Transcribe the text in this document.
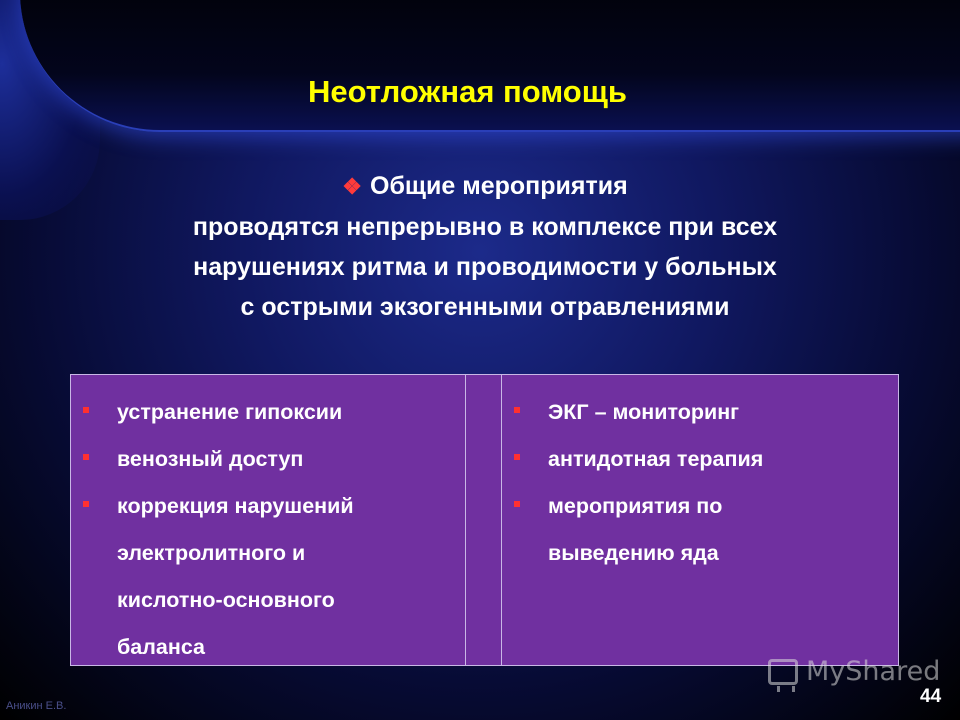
Неотложная помощь
❖ Общие мероприятия
проводятся непрерывно в комплексе при всех
нарушениях ритма и проводимости у больных
с острыми экзогенными отравлениями
устранение гипоксии
венозный доступ
коррекция нарушений
электролитного и
кислотно-основного
баланса
ЭКГ – мониторинг
антидотная терапия
мероприятия по
выведению яда
MyShared
44
Аникин Е.В.
